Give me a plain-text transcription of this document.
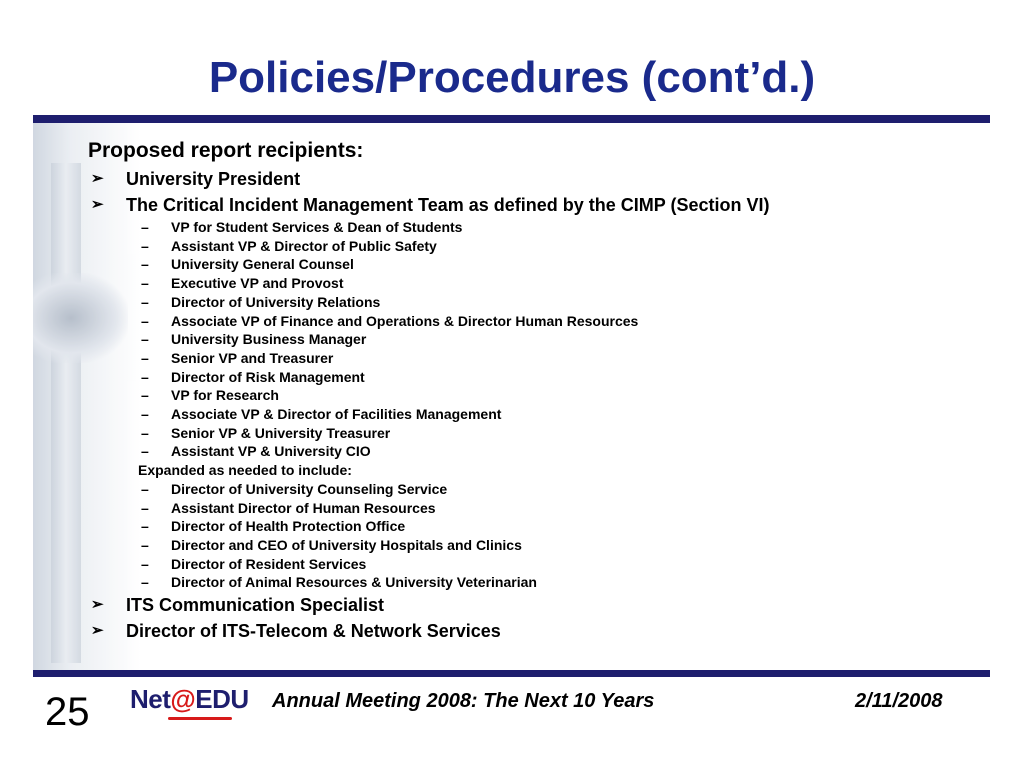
Policies/Procedures (cont’d.)
Proposed report recipients:
➢ University President
➢ The Critical Incident Management Team as defined by the CIMP (Section VI)
– VP for Student Services & Dean of Students
– Assistant VP & Director of Public Safety
– University General Counsel
– Executive VP and Provost
– Director of University Relations
– Associate VP of Finance and Operations & Director Human Resources
– University Business Manager
– Senior VP and Treasurer
– Director of Risk Management
– VP for Research
– Associate VP & Director of Facilities Management
– Senior VP & University Treasurer
– Assistant VP & University CIO
Expanded as needed to include:
– Director of University Counseling Service
– Assistant Director of Human Resources
– Director of Health Protection Office
– Director and CEO of University Hospitals and Clinics
– Director of Resident Services
– Director of Animal Resources & University Veterinarian
➢ ITS Communication Specialist
➢ Director of ITS-Telecom & Network Services
25 Net@EDU Annual Meeting 2008: The Next 10 Years	2/11/2008
